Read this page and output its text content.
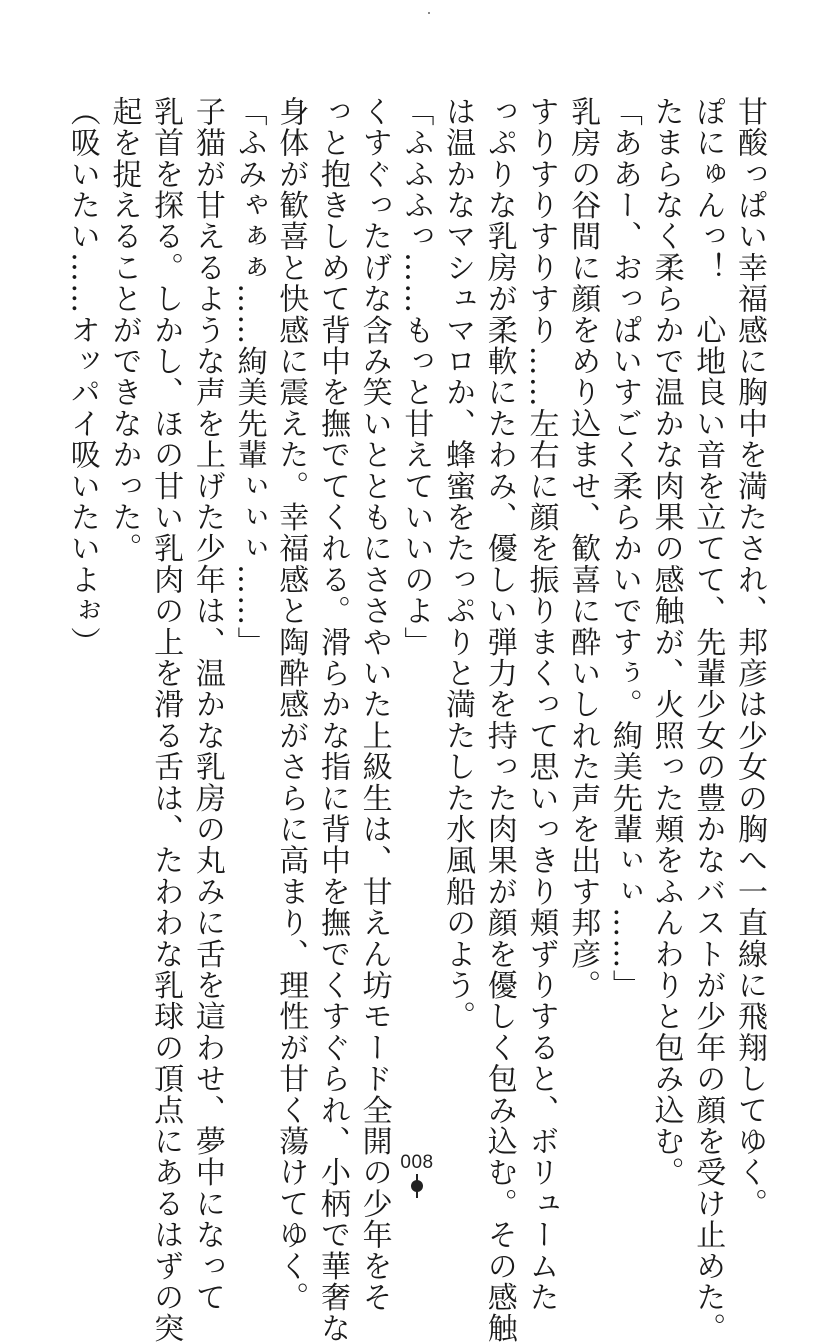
甘酸っぱい幸福感に胸中を満たされ、邦彦は少女の胸へ一直線に飛翔してゆく。
ぽにゅんっ！　心地良い音を立てて、先輩少女の豊かなバストが少年の顔を受け止めた。
たまらなく柔らかで温かな肉果の感触が、火照った頬をふんわりと包み込む。
「ああー、おっぱいすごく柔らかいですぅ。絢美先輩ぃぃ……」
乳房の谷間に顔をめり込ませ、歓喜に酔いしれた声を出す邦彦。
すりすりすりすり……左右に顔を振りまくって思いっきり頬ずりすると、ボリュームた
っぷりな乳房が柔軟にたわみ、優しい弾力を持った肉果が顔を優しく包み込む。その感触
は温かなマシュマロか、蜂蜜をたっぷりと満たした水風船のよう。
「ふふふっ……もっと甘えていいのよ」
くすぐったげな含み笑いとともにささやいた上級生は、甘えん坊モード全開の少年をそ
っと抱きしめて背中を撫でてくれる。滑らかな指に背中を撫でくすぐられ、小柄で華奢な
身体が歓喜と快感に震えた。幸福感と陶酔感がさらに高まり、理性が甘く蕩けてゆく。
「ふみゃぁぁ……絢美先輩ぃぃぃ……」
子猫が甘えるような声を上げた少年は、温かな乳房の丸みに舌を這わせ、夢中になって
乳首を探る。しかし、ほの甘い乳肉の上を滑る舌は、たわわな乳球の頂点にあるはずの突
起を捉えることができなかった。
（吸いたい……オッパイ吸いたいよぉ）
008
